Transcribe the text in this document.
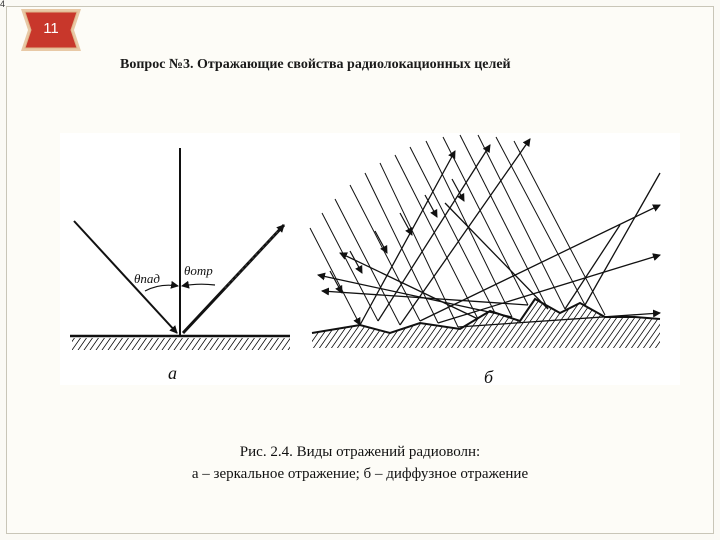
4
11
Вопрос №3. Отражающие свойства радиолокационных целей
θпад
θотр
а	б
Рис. 2.4. Виды отражений радиоволн:
а – зеркальное отражение; б – диффузное отражение
